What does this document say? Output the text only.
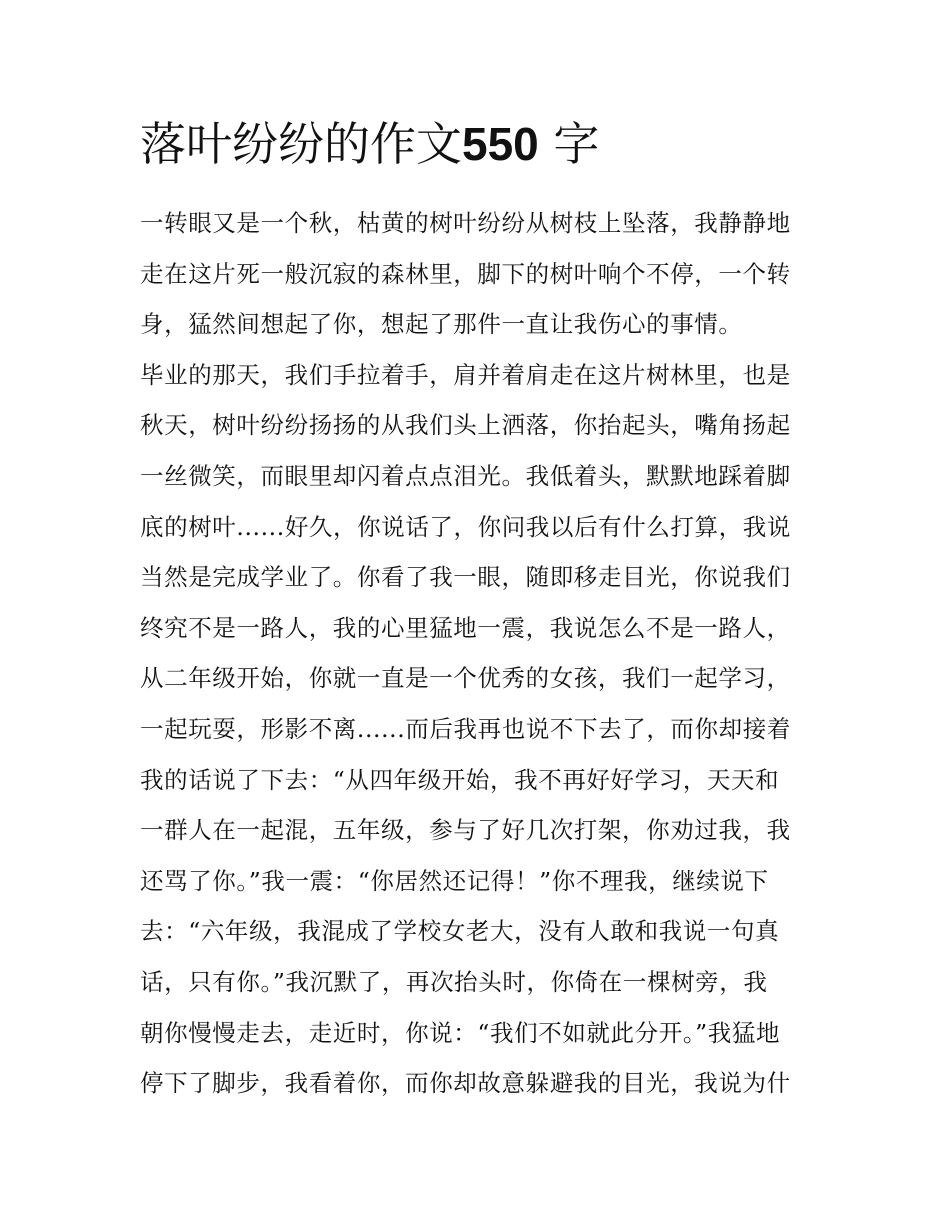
落叶纷纷的作文550 字
一转眼又是一个秋，枯黄的树叶纷纷从树枝上坠落，我静静地
走在这片死一般沉寂的森林里，脚下的树叶响个不停，一个转
身，猛然间想起了你，想起了那件一直让我伤心的事情。
毕业的那天，我们手拉着手，肩并着肩走在这片树林里，也是
秋天，树叶纷纷扬扬的从我们头上洒落，你抬起头，嘴角扬起
一丝微笑，而眼里却闪着点点泪光。我低着头，默默地踩着脚
底的树叶......好久，你说话了，你问我以后有什么打算，我说
当然是完成学业了。你看了我一眼，随即移走目光，你说我们
终究不是一路人，我的心里猛地一震，我说怎么不是一路人，
从二年级开始，你就一直是一个优秀的女孩，我们一起学习，
一起玩耍，形影不离......而后我再也说不下去了，而你却接着
我的话说了下去：“从四年级开始，我不再好好学习，天天和
一群人在一起混，五年级，参与了好几次打架，你劝过我，我
还骂了你。”我一震：“你居然还记得！”你不理我，继续说下
去：“六年级，我混成了学校女老大，没有人敢和我说一句真
话，只有你。”我沉默了，再次抬头时，你倚在一棵树旁，我
朝你慢慢走去，走近时，你说：“我们不如就此分开。”我猛地
停下了脚步，我看着你，而你却故意躲避我的目光，我说为什
